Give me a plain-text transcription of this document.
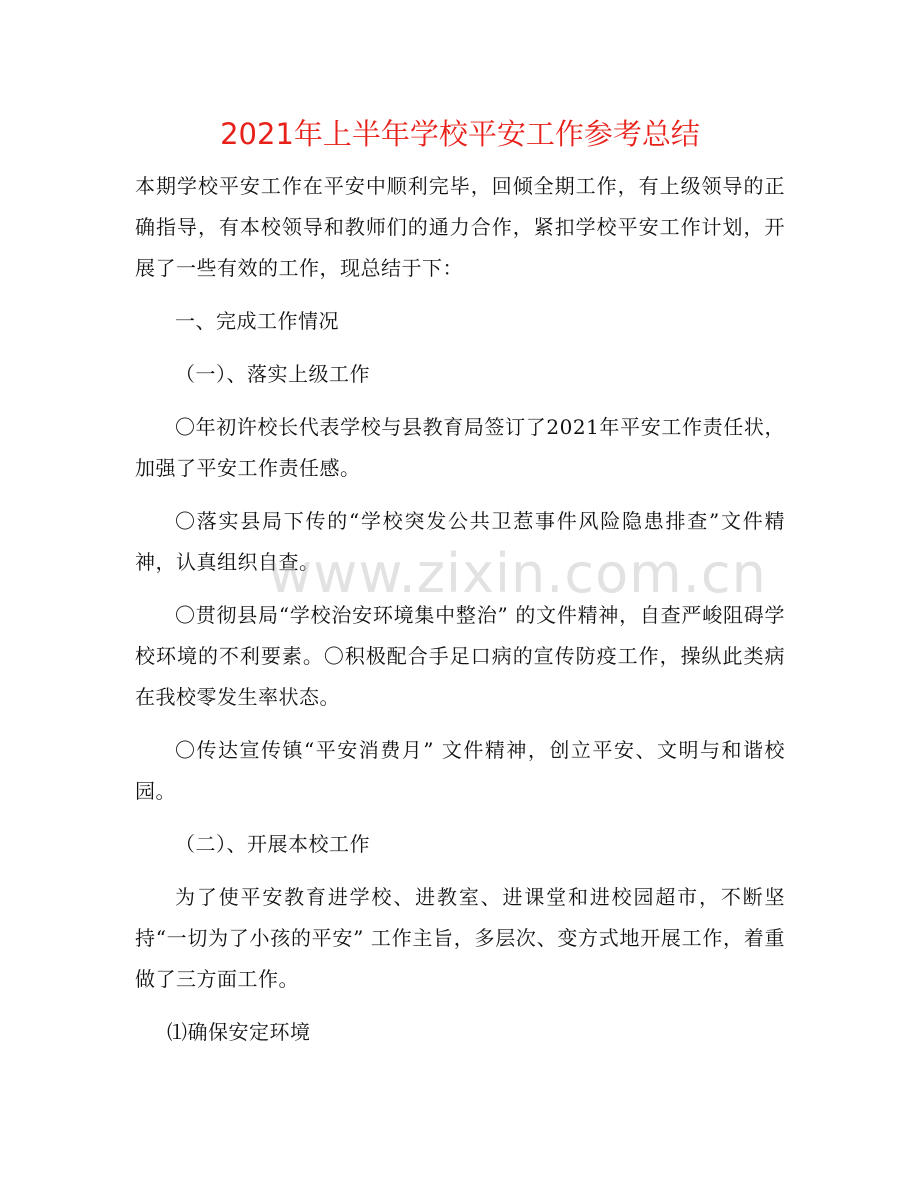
2021年上半年学校平安工作参考总结

本期学校平安工作在平安中顺利完毕，回倾全期工作，有上级领导的正确指导，有本校领导和教师们的通力合作，紧扣学校平安工作计划，开展了一些有效的工作，现总结于下：

一、完成工作情况

（一）、落实上级工作

〇年初许校长代表学校与县教育局签订了2021年平安工作责任状，加强了平安工作责任感。

〇落实县局下传的“学校突发公共卫惹事件风险隐患排查”文件精神，认真组织自查。

〇贯彻县局“学校治安环境集中整治” 的文件精神，自查严峻阻碍学校环境的不利要素。〇积极配合手足口病的宣传防疫工作，操纵此类病在我校零发生率状态。

〇传达宣传镇“平安消费月” 文件精神，创立平安、文明与和谐校园。

（二）、开展本校工作

为了使平安教育进学校、进教室、进课堂和进校园超市，不断坚持“一切为了小孩的平安” 工作主旨，多层次、变方式地开展工作，着重做了三方面工作。

⑴确保安定环境

www.zixin.com.cn
